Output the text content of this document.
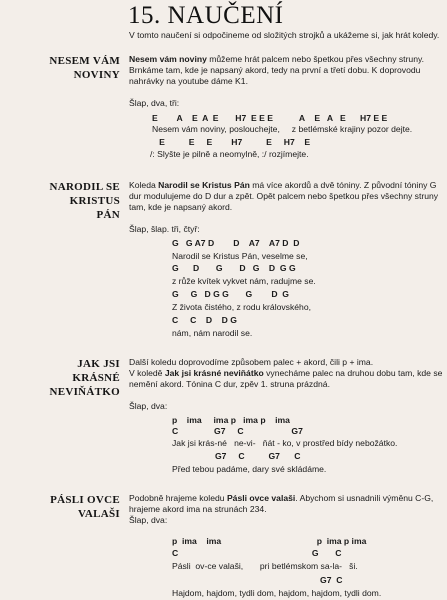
15. NAUČENÍ
V tomto naučení si odpočineme od složitých strojků a ukážeme si, jak hrát koledy.
NESEM VÁM
NOVINY
Nesem vám noviny můžeme hrát palcem nebo špetkou přes všechny struny. Brnkáme tam, kde je napsaný akord, tedy na první a třetí dobu. K doprovodu nahrávky na youtube dáme K1.
Šlap, dva, tři:
E        A    E  A  E       H7  E E E           A    E   A   E      H7 E E
Nesem vám noviny, poslouchejte,     z betlémské krajiny pozor dejte.
E          E     E        H7          E     H7    E
/: Slyšte je pilně a neomylně, :/ rozjímejte.
NARODIL SE
KRISTUS
PÁN
Koleda Narodil se Kristus Pán má více akordů a dvě tóniny. Z původní tóniny G dur modulujeme do D dur a zpět. Opět palcem nebo špetkou přes všechny struny tam, kde je napsaný akord.
Šlap, šlap. tři, čtyř:
G   G A7 D        D    A7    A7 D  D
Narodil se Kristus Pán, veselme se,
G      D       G       D   G    D  G G
z růže kvítek vykvet nám, radujme se.
G     G   D G G       G        D  G
Z života čistého, z rodu královského,
C     C    D    D G
nám, nám narodil se.
JAK JSI
KRÁSNÉ
NEVIŇÁTKO
Další koledu doprovodíme způsobem palec + akord, čili p + ima.
V koledě Jak jsi krásné neviňátko vynecháme palec na druhou dobu tam, kde se nemění akord. Tónina C dur, zpěv 1. struna prázdná.
Šlap, dva:
p    ima     ima p   ima p    ima
C               G7     C                    G7
Jak jsi krás-né   ne-vi-   ňát - ko, v prostřed bídy nebožátko.
G7     C          G7      C
Před tebou padáme, dary své skládáme.
PÁSLI OVCE
VALAŠI
Podobně hrajeme koledu Pásli ovce valaši. Abychom si usnadnili výměnu C-G, hrajeme akord ima na strunách 234.
Šlap, dva:
p  ima    ima                                        p  ima p ima
C                                                        G       C
Pásli  ov-ce valaši,       pri betlémskom sa-la-   ši.
G7  C
Hajdom, hajdom, tydli dom, hajdom, hajdom, tydli dom.
